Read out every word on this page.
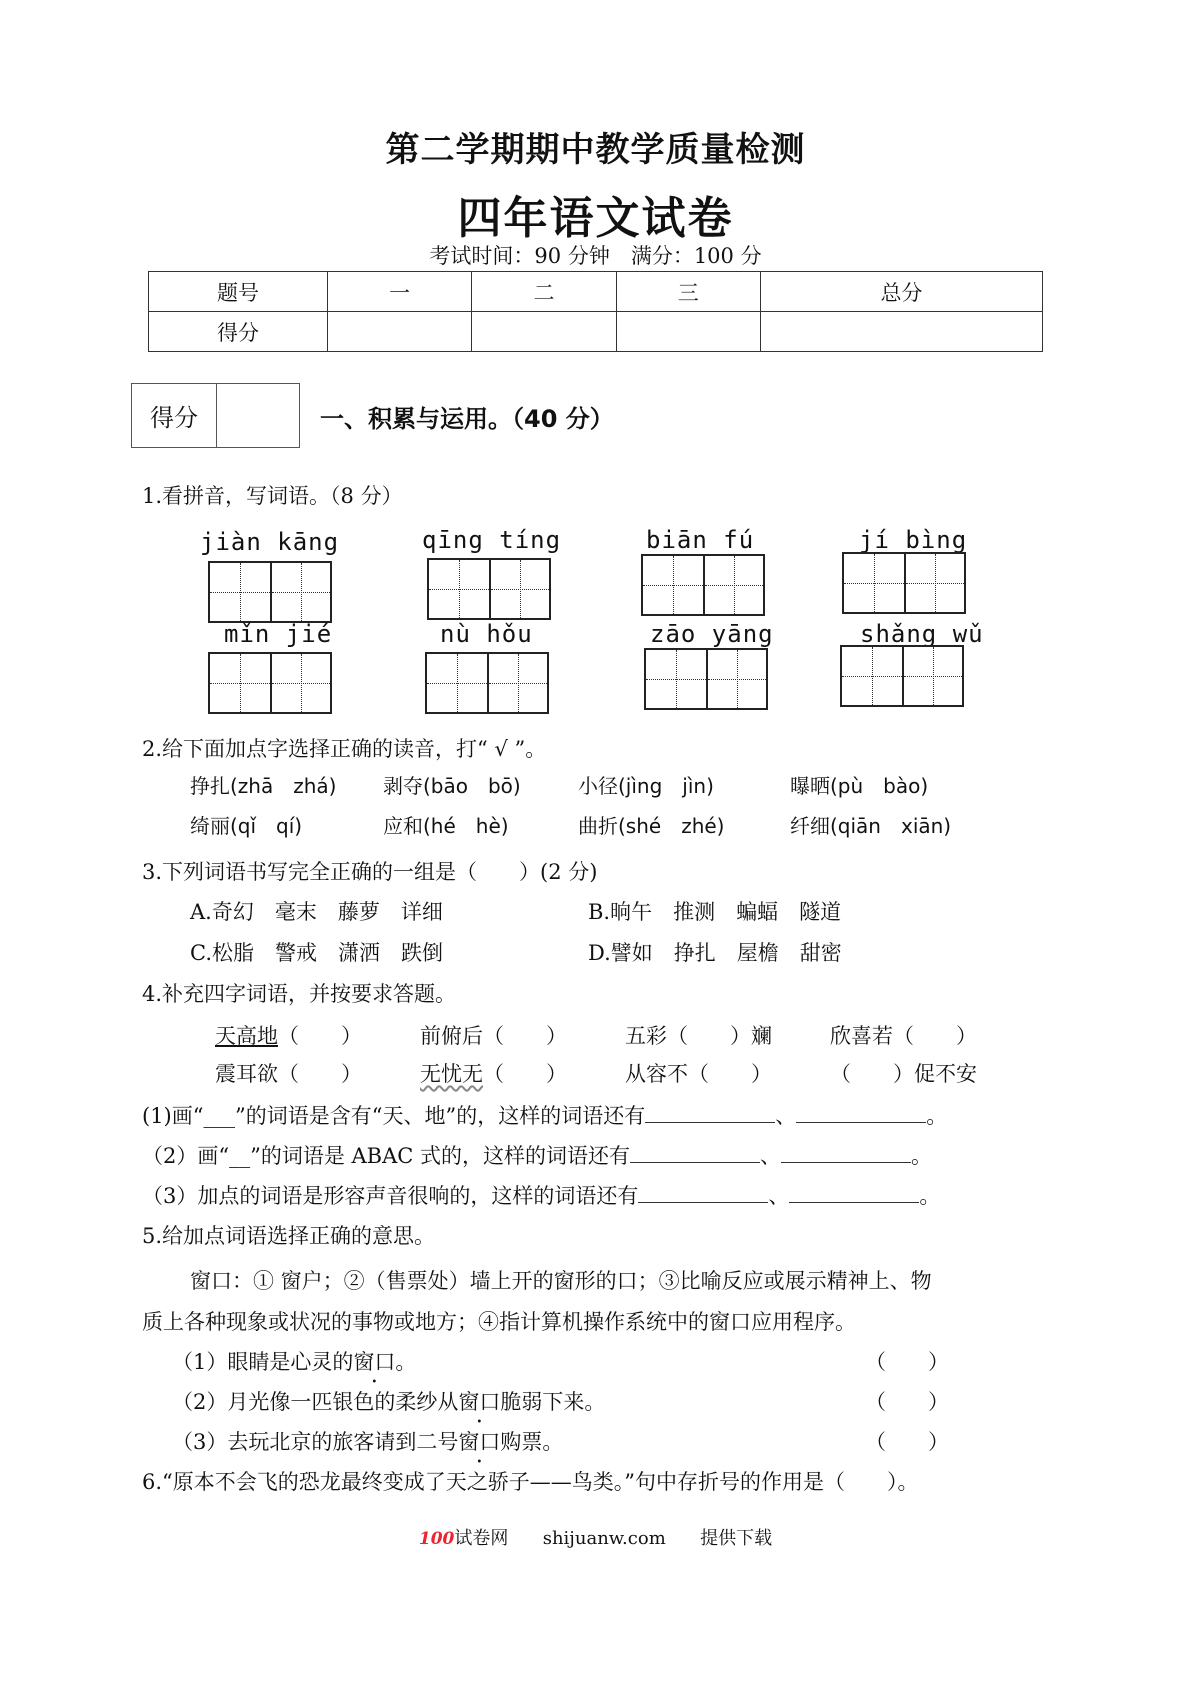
第二学期期中教学质量检测
四年语文试卷
考试时间：90 分钟　满分：100 分
题号	一	二	三	总分
得分				
得分	一、积累与运用。（40 分）
1.看拼音，写词语。（8 分）
jiàn kāng	qīng tíng	biān fú	jí bìng
mǐn jié	nù hǒu	zāo yāng	shǎng wǔ
2.给下面加点字选择正确的读音，打“ √ ”。
挣扎(zhā　zhá) 剥夺(bāo　bō)	小径(jìng　jìn)	曝晒(pù　bào)
绮丽(qǐ　qí)	应和(hé　hè)	曲折(shé　zhé)	纤细(qiān　xiān)
3.下列词语书写完全正确的一组是（　　）(2 分)
A.奇幻　毫末　藤萝　详细	B.晌午　推测　蝙蝠　隧道
C.松脂　警戒　潇洒　跌倒	D.譬如　挣扎　屋檐　甜密
4.补充四字词语，并按要求答题。
天高地（　　）	前俯后（　　）	五彩（　　）斓	欣喜若（　　）
震耳欲（　　）	无忧无（　　）	从容不（　　）	（　　）促不安
(1)画“___”的词语是含有“天、地”的，这样的词语还有	、	。
（2）画“__”的词语是 ABAC 式的，这样的词语还有	、	。
（3）加点的词语是形容声音很响的，这样的词语还有	、	。
5.给加点词语选择正确的意思。
窗口：① 窗户；②（售票处）墙上开的窗形的口；③比喻反应或展示精神上、物
质上各种现象或状况的事物或地方；④指计算机操作系统中的窗口应用程序。
（1）眼睛是心灵的窗口。	（　　）
（2）月光像一匹银色的柔纱从窗口脆弱下来。	（　　）
（3）去玩北京的旅客请到二号窗口购票。	（　　）
6.“原本不会飞的恐龙最终变成了天之骄子——鸟类。”句中存折号的作用是（　　）。
100试卷网 shijuanw.com 提供下载
